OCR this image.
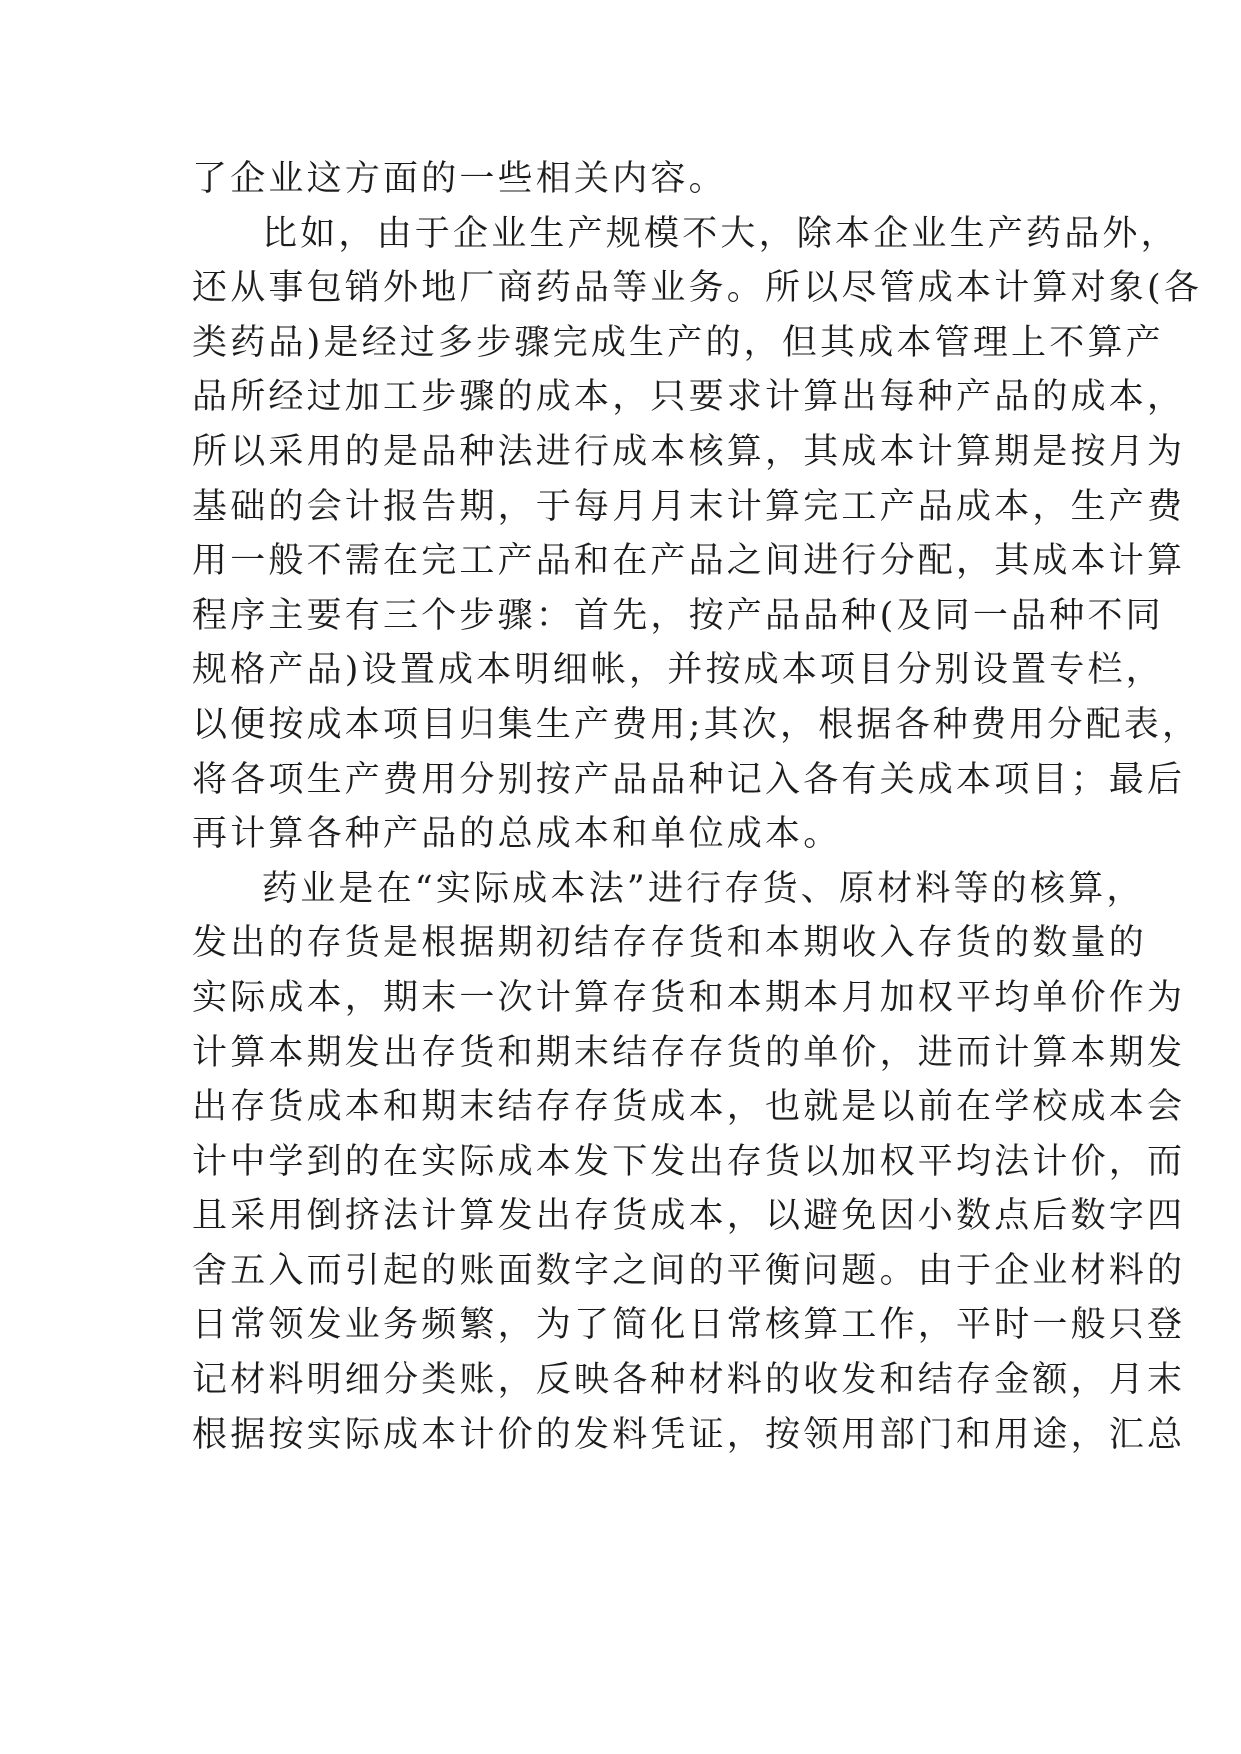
了企业这方面的一些相关内容。
比如，由于企业生产规模不大，除本企业生产药品外，
还从事包销外地厂商药品等业务。所以尽管成本计算对象(各
类药品)是经过多步骤完成生产的，但其成本管理上不算产
品所经过加工步骤的成本，只要求计算出每种产品的成本，
所以采用的是品种法进行成本核算，其成本计算期是按月为
基础的会计报告期，于每月月末计算完工产品成本，生产费
用一般不需在完工产品和在产品之间进行分配，其成本计算
程序主要有三个步骤：首先，按产品品种(及同一品种不同
规格产品)设置成本明细帐，并按成本项目分别设置专栏，
以便按成本项目归集生产费用;其次，根据各种费用分配表，
将各项生产费用分别按产品品种记入各有关成本项目；最后
再计算各种产品的总成本和单位成本。
药业是在“实际成本法”进行存货、原材料等的核算，
发出的存货是根据期初结存存货和本期收入存货的数量的
实际成本，期末一次计算存货和本期本月加权平均单价作为
计算本期发出存货和期末结存存货的单价，进而计算本期发
出存货成本和期末结存存货成本，也就是以前在学校成本会
计中学到的在实际成本发下发出存货以加权平均法计价，而
且采用倒挤法计算发出存货成本，以避免因小数点后数字四
舍五入而引起的账面数字之间的平衡问题。由于企业材料的
日常领发业务频繁，为了简化日常核算工作，平时一般只登
记材料明细分类账，反映各种材料的收发和结存金额，月末
根据按实际成本计价的发料凭证，按领用部门和用途，汇总
